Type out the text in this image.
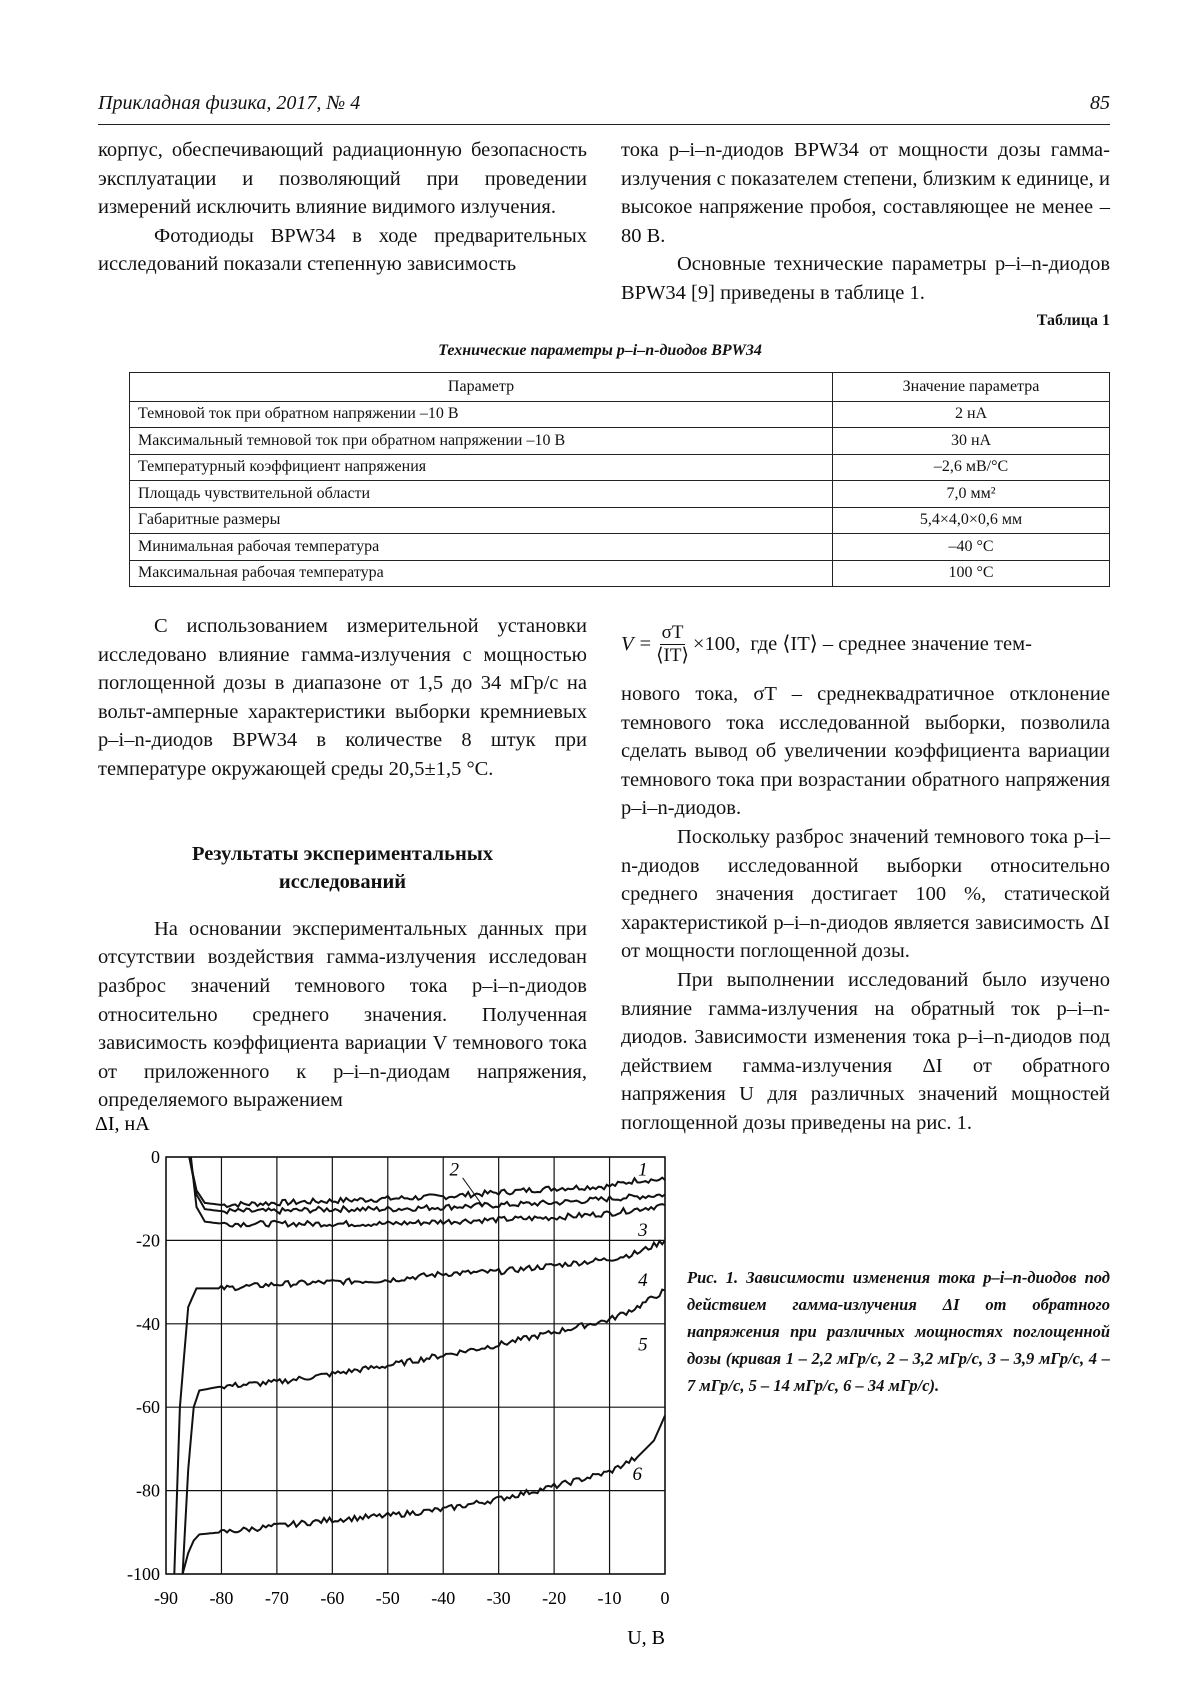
Прикладная физика, 2017, № 4	85

корпус, обеспечивающий радиационную безопасность эксплуатации и позволяющий при проведении измерений исключить влияние видимого излучения.

Фотодиоды BPW34 в ходе предварительных исследований показали степенную зависимость

тока p–i–n-диодов BPW34 от мощности дозы гамма-излучения с показателем степени, близким к единице, и высокое напряжение пробоя, составляющее не менее –80 В.

Основные технические параметры p–i–n-диодов BPW34 [9] приведены в таблице 1.

Таблица 1
Технические параметры p–i–n-диодов BPW34
Параметр	Значение параметра
Темновой ток при обратном напряжении –10 В	2 нА
Максимальный темновой ток при обратном напряжении –10 В	30 нА
Температурный коэффициент напряжения	–2,6 мВ/°С
Площадь чувствительной области	7,0 мм²
Габаритные размеры	5,4×4,0×0,6 мм
Минимальная рабочая температура	–40 °С
Максимальная рабочая температура	100 °С

С использованием измерительной установки исследовано влияние гамма-излучения с мощностью поглощенной дозы в диапазоне от 1,5 до 34 мГр/с на вольт-амперные характеристики выборки кремниевых p–i–n-диодов BPW34 в количестве 8 штук при температуре окружающей среды 20,5±1,5 °С.

Результаты экспериментальных исследований

На основании экспериментальных данных при отсутствии воздействия гамма-излучения исследован разброс значений темнового тока p–i–n-диодов относительно среднего значения. Полученная зависимость коэффициента вариации V темнового тока от приложенного к p–i–n-диодам напряжения, определяемого выражением

$V = \frac{\sigma T}{⟨IT⟩} \times 100$, где ⟨IT⟩ – среднее значение тем-

нового тока, σT – среднеквадратичное отклонение темнового тока исследованной выборки, позволила сделать вывод об увеличении коэффициента вариации темнового тока при возрастании обратного напряжения p–i–n-диодов.

Поскольку разброс значений темнового тока p–i–n-диодов исследованной выборки относительно среднего значения достигает 100 %, статической характеристикой p–i–n-диодов является зависимость ΔI от мощности поглощенной дозы.

При выполнении исследований было изучено влияние гамма-излучения на обратный ток p–i–n-диодов. Зависимости изменения тока p–i–n-диодов под действием гамма-излучения ΔI от обратного напряжения U для различных значений мощностей поглощенной дозы приведены на рис. 1.

-90 -80 -70 -60 -50 -40 -30 -20 -10 0
0
-20
-40
-60
-80
-100
ΔI, нА
U, В
1
2
3
4
5
6
Рис. 1. Зависимости изменения тока p–i–n-диодов под действием гамма-излучения ΔI от обратного напряжения при различных мощностях поглощенной дозы (кривая 1 – 2,2 мГр/с, 2 – 3,2 мГр/с, 3 – 3,9 мГр/с, 4 – 7 мГр/с, 5 – 14 мГр/с, 6 – 34 мГр/с).
